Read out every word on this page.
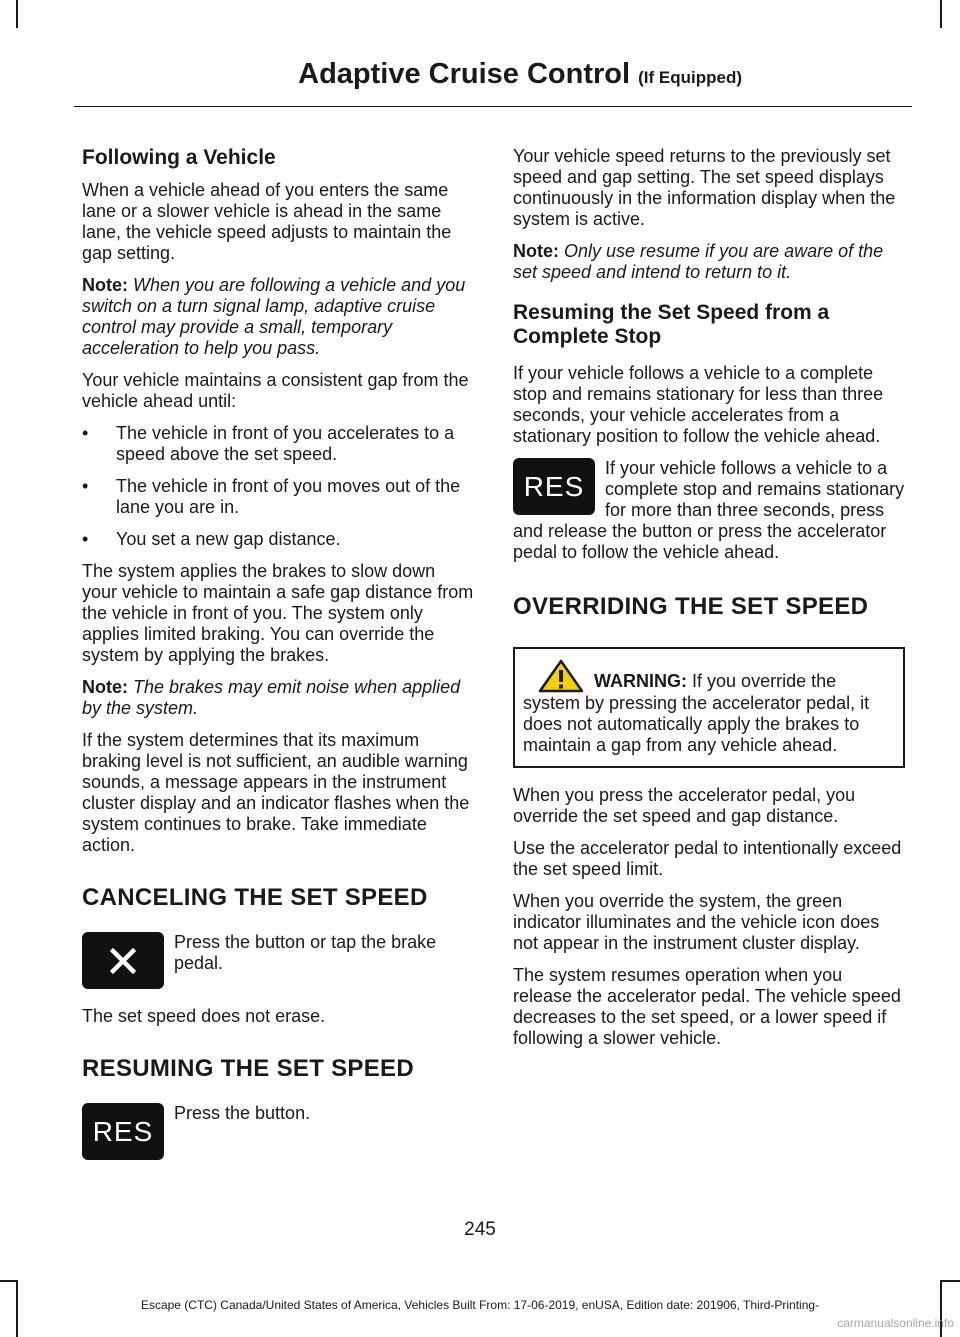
Adaptive Cruise Control (If Equipped)
Following a Vehicle

When a vehicle ahead of you enters the same lane or a slower vehicle is ahead in the same lane, the vehicle speed adjusts to maintain the gap setting.

Note: When you are following a vehicle and you switch on a turn signal lamp, adaptive cruise control may provide a small, temporary acceleration to help you pass.

Your vehicle maintains a consistent gap from the vehicle ahead until:

• The vehicle in front of you accelerates to a speed above the set speed.
• The vehicle in front of you moves out of the lane you are in.
• You set a new gap distance.

The system applies the brakes to slow down your vehicle to maintain a safe gap distance from the vehicle in front of you. The system only applies limited braking. You can override the system by applying the brakes.

Note: The brakes may emit noise when applied by the system.

If the system determines that its maximum braking level is not sufficient, an audible warning sounds, a message appears in the instrument cluster display and an indicator flashes when the system continues to brake. Take immediate action.

CANCELING THE SET SPEED

Press the button or tap the brake pedal.

The set speed does not erase.

RESUMING THE SET SPEED
RES

Press the button.

Your vehicle speed returns to the previously set speed and gap setting. The set speed displays continuously in the information display when the system is active.

Note: Only use resume if you are aware of the set speed and intend to return to it.

Resuming the Set Speed from a Complete Stop

If your vehicle follows a vehicle to a complete stop and remains stationary for less than three seconds, your vehicle accelerates from a stationary position to follow the vehicle ahead.

RES
If your vehicle follows a vehicle to a complete stop and remains stationary for more than three seconds, press and release the button or press the accelerator pedal to follow the vehicle ahead.
OVERRIDING THE SET SPEED
WARNING: If you override the system by pressing the accelerator pedal, it does not automatically apply the brakes to maintain a gap from any vehicle ahead.

When you press the accelerator pedal, you override the set speed and gap distance.

Use the accelerator pedal to intentionally exceed the set speed limit.

When you override the system, the green indicator illuminates and the vehicle icon does not appear in the instrument cluster display.

The system resumes operation when you release the accelerator pedal. The vehicle speed decreases to the set speed, or a lower speed if following a slower vehicle.

245
Escape (CTC) Canada/United States of America, Vehicles Built From: 17-06-2019, enUSA, Edition date: 201906, Third-Printing-
carmanualsonline.info
